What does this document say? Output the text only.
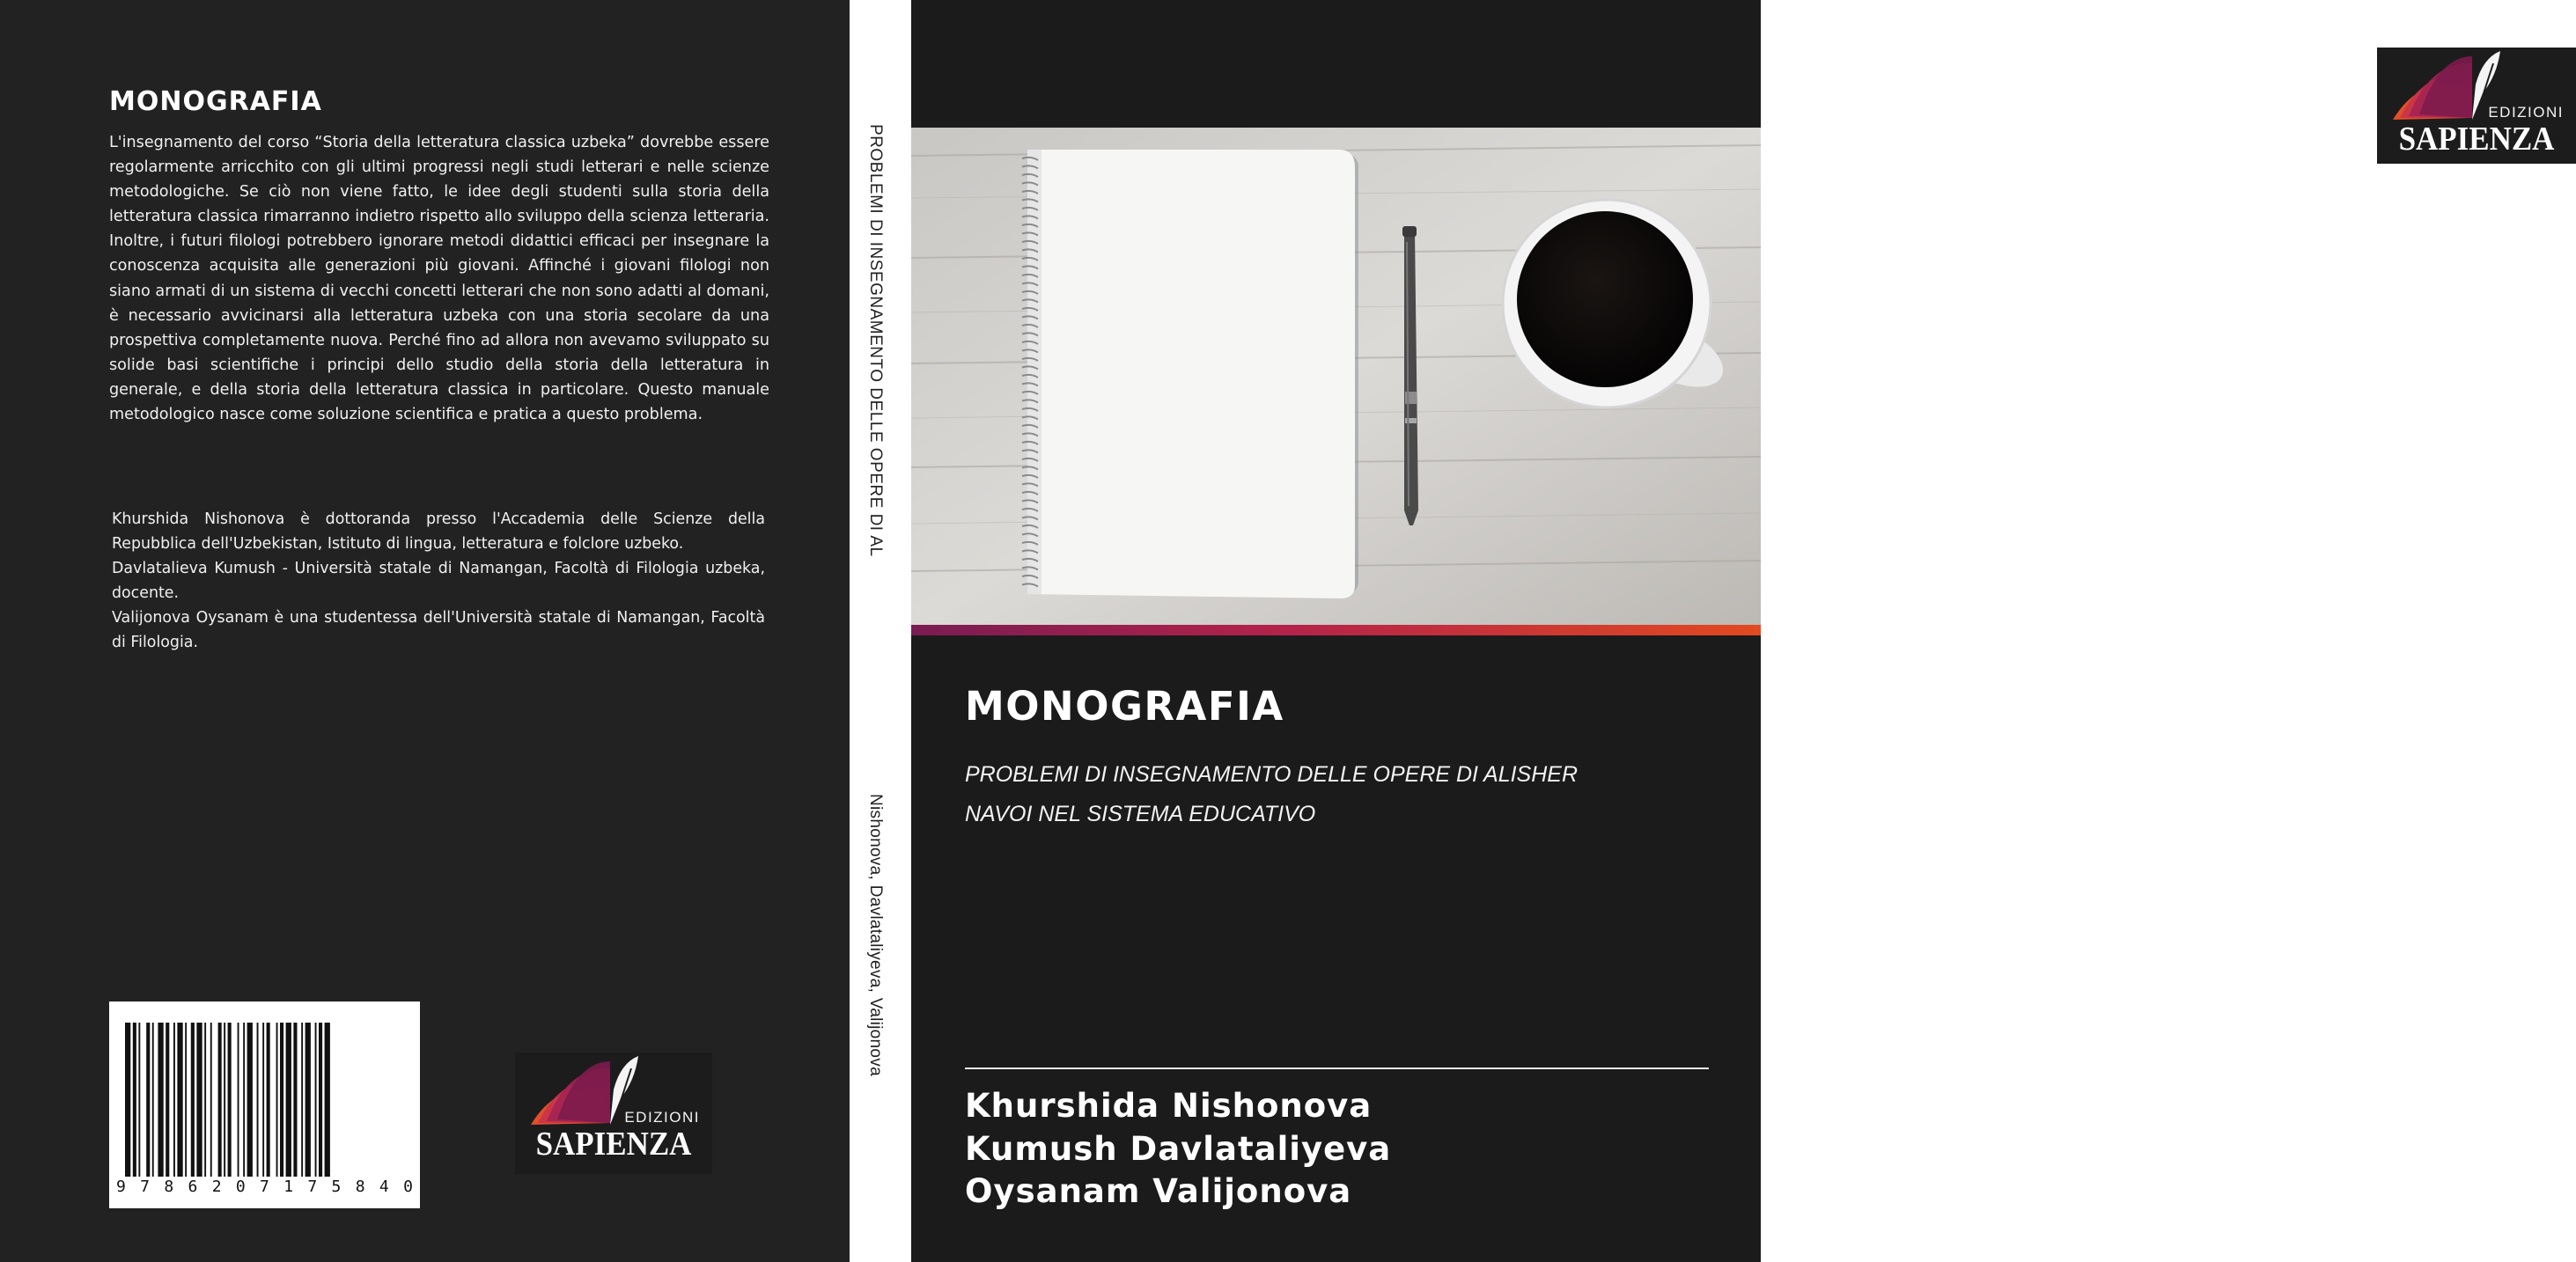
MONOGRAFIA

L'insegnamento del corso “Storia della letteratura classica uzbeka” dovrebbe essere regolarmente arricchito con gli ultimi progressi negli studi letterari e nelle scienze metodologiche. Se ciò non viene fatto, le idee degli studenti sulla storia della letteratura classica rimarranno indietro rispetto allo sviluppo della scienza letteraria. Inoltre, i futuri filologi potrebbero ignorare metodi didattici efficaci per insegnare la conoscenza acquisita alle generazioni più giovani. Affinché i giovani filologi non siano armati di un sistema di vecchi concetti letterari che non sono adatti al domani, è necessario avvicinarsi alla letteratura uzbeka con una storia secolare da una prospettiva completamente nuova. Perché fino ad allora non avevamo sviluppato su solide basi scientifiche i principi dello studio della storia della letteratura in generale, e della storia della letteratura classica in particolare. Questo manuale metodologico nasce come soluzione scientifica e pratica a questo problema.

Khurshida Nishonova è dottoranda presso l'Accademia delle Scienze della Repubblica dell'Uzbekistan, Istituto di lingua, letteratura e folclore uzbeko.

Davlatalieva Kumush - Università statale di Namangan, Facoltà di Filologia uzbeka, docente.

Valijonova Oysanam è una studentessa dell'Università statale di Namangan, Facoltà di Filologia.

9 7 8 6 2 0 7 1 7 5 8 4 0
EDIZIONI
SAPIENZA
PROBLEMI DI INSEGNAMENTO DELLE OPERE DI AL
Nishonova, Davlataliyeva, Valijonova
EDIZIONI
SAPIENZA
MONOGRAFIA
PROBLEMI DI INSEGNAMENTO DELLE OPERE DI ALISHER NAVOI NEL SISTEMA EDUCATIVO
Khurshida Nishonova
Kumush Davlataliyeva
Oysanam Valijonova
